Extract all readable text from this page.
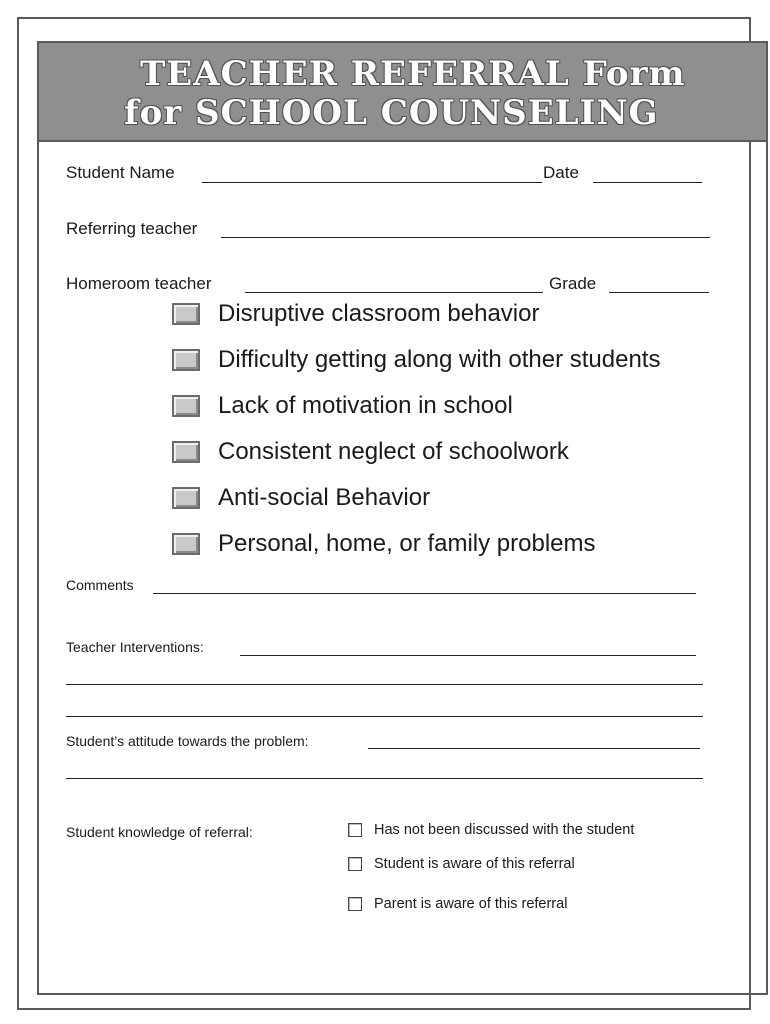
TEACHER REFERRAL Form
for SCHOOL COUNSELING
Student Name	Date
Referring teacher
Homeroom teacher	Grade
Disruptive classroom behavior
Difficulty getting along with other students
Lack of motivation in school
Consistent neglect of schoolwork
Anti-social Behavior
Personal, home, or family problems
Comments
Teacher Interventions:
Student’s attitude towards the problem:
Student knowledge of referral:	Has not been discussed with the student
Student is aware of this referral
Parent is aware of this referral
